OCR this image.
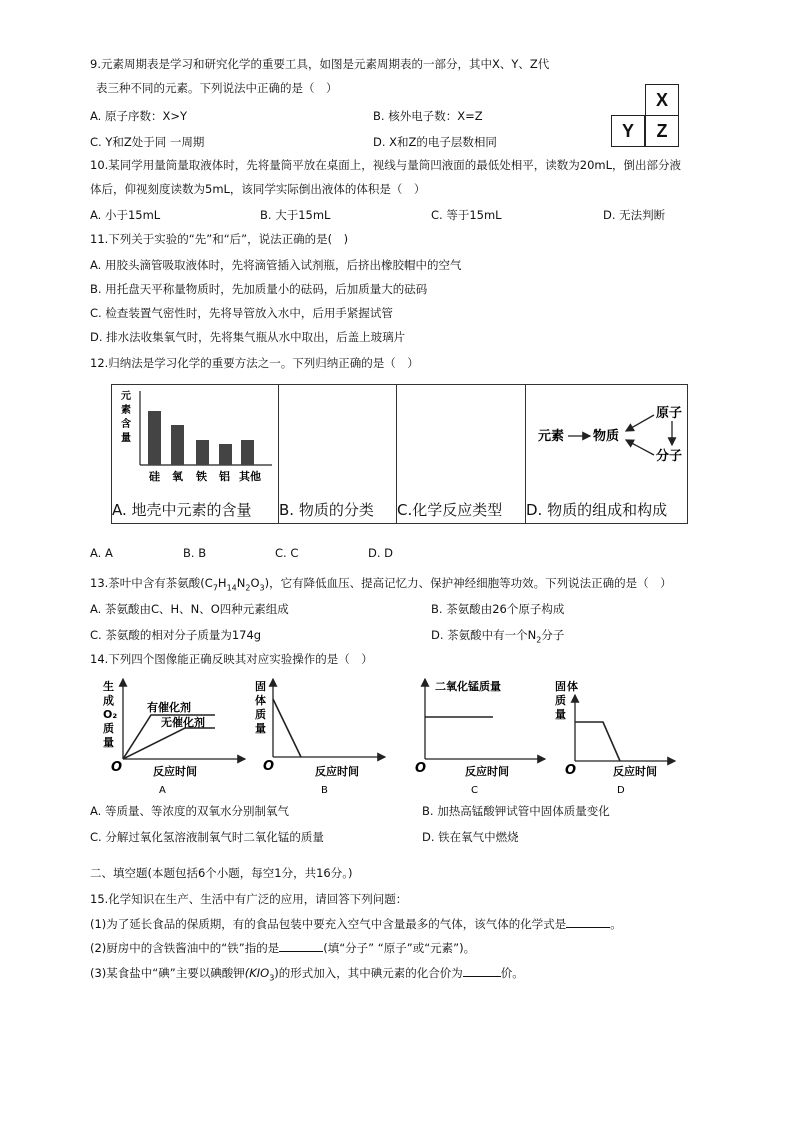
9.元素周期表是学习和研究化学的重要工具，如图是元素周期表的一部分，其中X、Y、Z代
表三种不同的元素。下列说法中正确的是（　）
A. 原子序数：X>Y	B. 核外电子数：X=Z
C. Y和Z处于同 一周期	D. X和Z的电子层数相同
X
Y	Z
10.某同学用量筒量取液体时，先将量筒平放在桌面上，视线与量筒凹液面的最低处相平，读数为20mL，倒出部分液
体后，仰视刻度读数为5mL，该同学实际倒出液体的体积是（　）
A. 小于15mL	B. 大于15mL	C. 等于15mL	D. 无法判断
11.下列关于实验的“先”和“后”，说法正确的是(　)
A. 用胶头滴管吸取液体时，先将滴管插入试剂瓶，后挤出橡胶帽中的空气
B. 用托盘天平称量物质时，先加质量小的砝码，后加质量大的砝码
C. 检查装置气密性时，先将导管放入水中，后用手紧握试管
D. 排水法收集氧气时，先将集气瓶从水中取出，后盖上玻璃片
12.归纳法是学习化学的重要方法之一。下列归纳正确的是（　）
元
素
含
量
硅 氧 铁 铝 其他
A. 地壳中元素的含量 B. 物质的分类 C.化学反应类型
元素 物质
原子
分子
D. 物质的组成和构成
A. A	B. B	C. C	D. D
13.茶叶中含有茶氨酸$(C_7H_{14}N_2O_3)$，它有降低血压、提高记忆力、保护神经细胞等功效。下列说法正确的是（　）
A. 茶氨酸由C、H、N、O四种元素组成	B. 茶氨酸由26个原子构成
C. 茶氨酸的相对分子质量为174g	D. 茶氨酸中有一个$N_2$分子
14.下列四个图像能正确反映其对应实验操作的是（　）
生
成
O₂
质
量
有催化剂
无催化剂
O	反应时间
A
固
体
质
量
O	反应时间
B
二氧化锰质量
O	反应时间
C
固 体
质
量
O	反应时间
D
A. 等质量、等浓度的双氧水分别制氧气	B. 加热高锰酸钾试管中固体质量变化
C. 分解过氧化氢溶液制氧气时二氧化锰的质量	D. 铁在氧气中燃烧
二、填空题(本题包括6个小题，每空1分，共16分。)
15.化学知识在生产、生活中有广泛的应用，请回答下列问题：
(1)为了延长食品的保质期，有的食品包装中要充入空气中含量最多的气体，该气体的化学式是	。
(2)厨房中的含铁酱油中的“铁”指的是	(填“分子” “原子”或“元素”)。
(3)某食盐中“碘”主要以碘酸钾$(KIO_3)$的形式加入，其中碘元素的化合价为	价。
